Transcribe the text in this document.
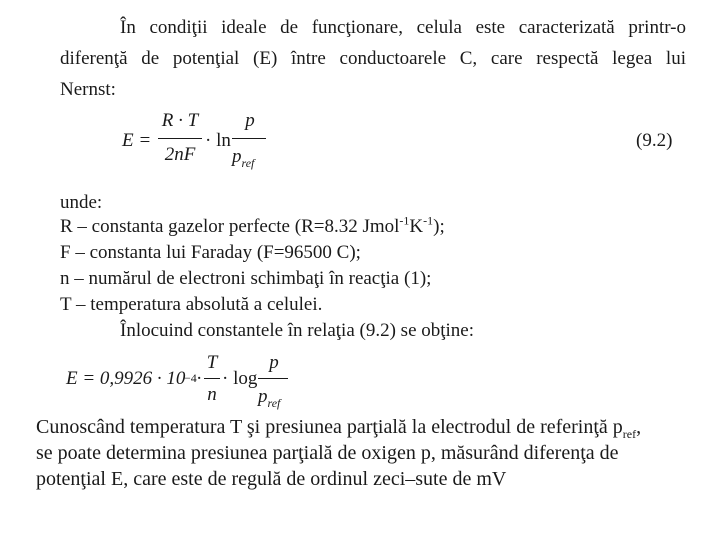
În condiţii ideale de funcţionare, celula este caracterizată printr-o
diferenţă de potenţial (E) între conductoarele C, care respectă legea lui
Nernst:
E =
R · T
2nF
· ln
p
$p_{ref}$
(9.2)
unde:
R – constanta gazelor perfecte (R=8.32 $Jmol^{-1}K^{-1}$);
F – constanta lui Faraday (F=96500 C);
n – numărul de electroni schimbaţi în reacţia (1);
T – temperatura absolută a celulei.
Înlocuind constantele în relaţia (9.2) se obţine:
E = 0,9926 · 10
−4 ·
T
n
· log
p
$p_{ref}$
Cunoscând temperatura T şi presiunea parţială la electrodul de referinţă $p_{ref}$,
se poate determina presiunea parţială de oxigen p, măsurând diferenţa de
potenţial E, care este de regulă de ordinul zeci–sute de mV
